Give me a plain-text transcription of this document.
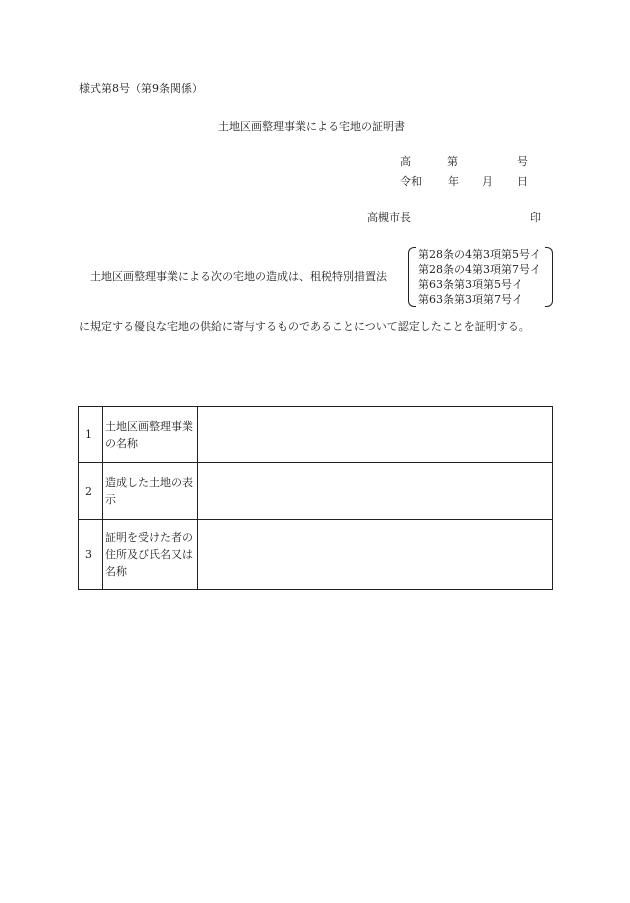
様式第8号（第9条関係）
土地区画整理事業による宅地の証明書
高	第	号
令和 年 月 日
高槻市長	印
土地区画整理事業による次の宅地の造成は、租税特別措置法
第28条の4第3項第5号イ
第28条の4第3項第7号イ
第63条第3項第5号イ
第63条第3項第7号イ
に規定する優良な宅地の供給に寄与するものであることについて認定したことを証明する。
1	土地区画整理事業の名称	
2	造成した土地の表示	
3	証明を受けた者の住所及び氏名又は名称	
